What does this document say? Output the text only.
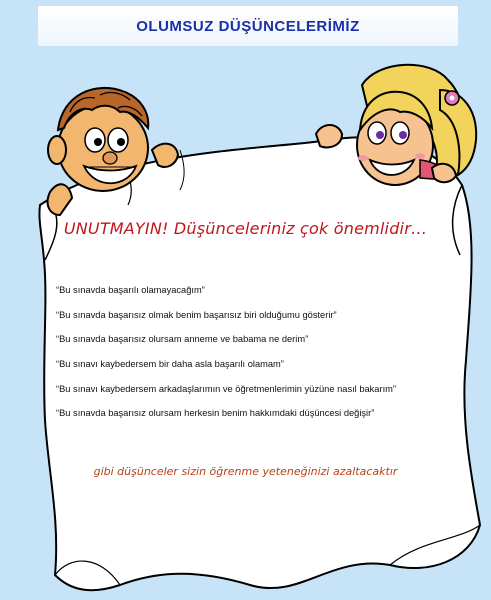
OLUMSUZ DÜŞÜNCELERİMİZ
UNUTMAYIN! Düşünceleriniz çok önemlidir…
“Bu sınavda başarılı olamayacağım”
“Bu sınavda başarısız olmak benim başarısız biri olduğumu gösterir”
“Bu sınavda başarısız olursam anneme ve babama ne derim”
“Bu sınavı kaybedersem bir daha asla başarılı olamam”
“Bu sınavı kaybedersem arkadaşlarımın ve öğretmenlerimin yüzüne nasıl bakarım”
“Bu sınavda başarısız olursam herkesin benim hakkımdaki düşüncesi değişir”
gibi düşünceler sizin öğrenme yeteneğinizi azaltacaktır
